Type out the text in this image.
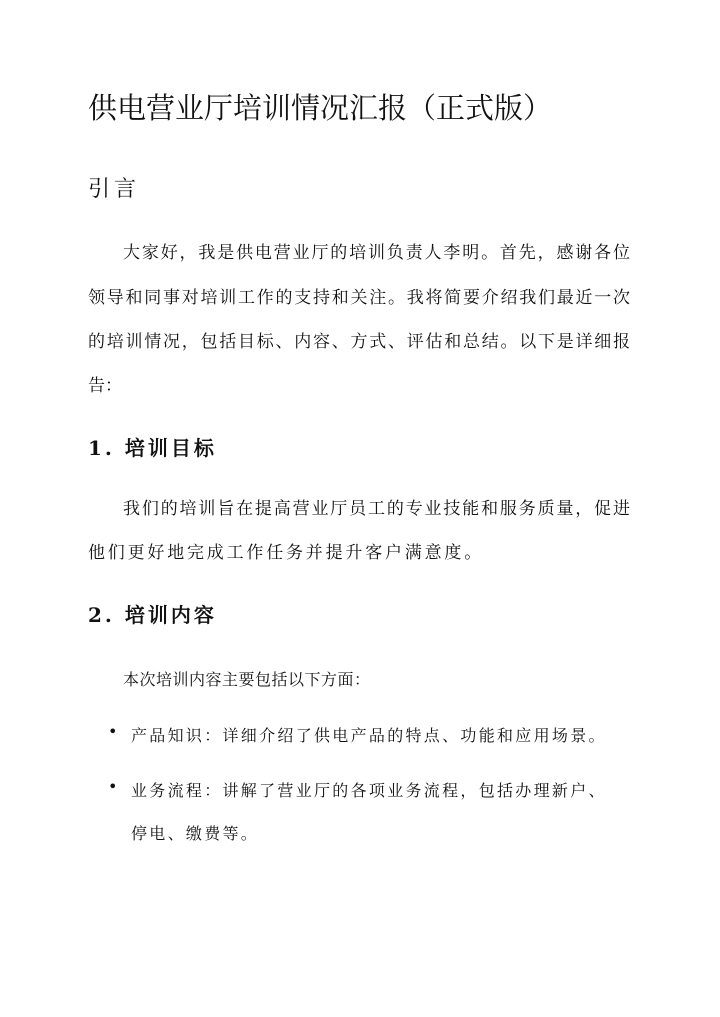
供电营业厅培训情况汇报（正式版）
引言
大家好，我是供电营业厅的培训负责人李明。首先，感谢各位
领导和同事对培训工作的支持和关注。我将简要介绍我们最近一次
的培训情况，包括目标、内容、方式、评估和总结。以下是详细报
告：
1. 培训目标
我们的培训旨在提高营业厅员工的专业技能和服务质量，促进
他们更好地完成工作任务并提升客户满意度。
2. 培训内容
本次培训内容主要包括以下方面：
• 产品知识：详细介绍了供电产品的特点、功能和应用场景。
• 业务流程：讲解了营业厅的各项业务流程，包括办理新户、
停电、缴费等。
